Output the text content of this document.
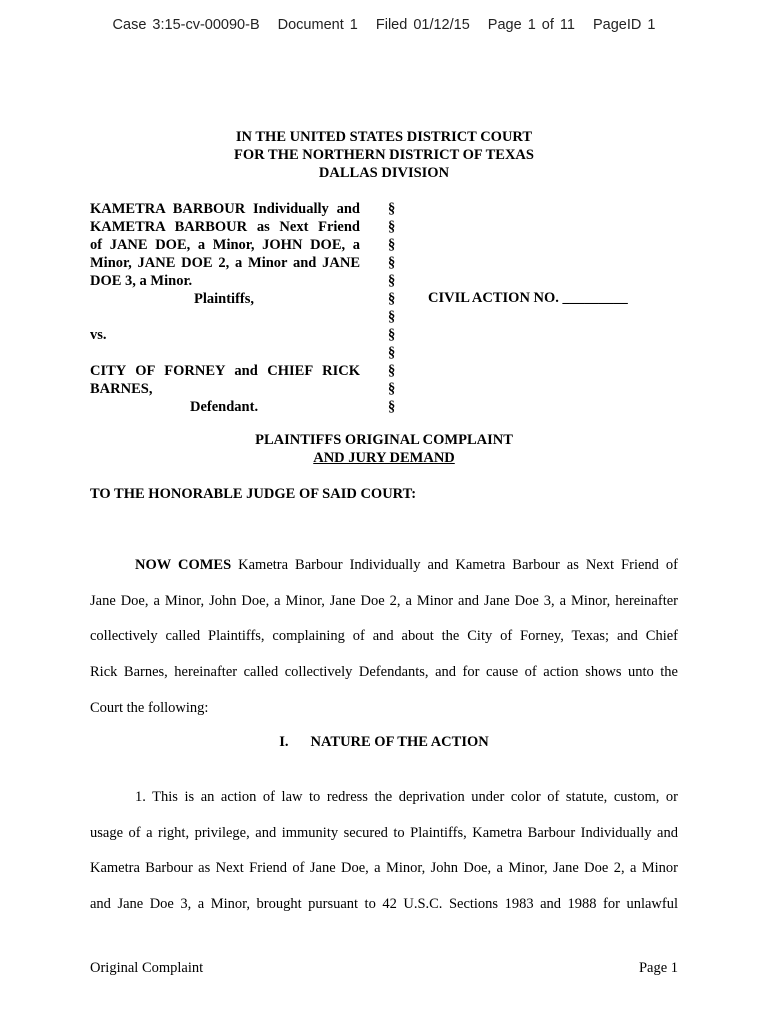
Case 3:15-cv-00090-B Document 1 Filed 01/12/15 Page 1 of 11 PageID 1
IN THE UNITED STATES DISTRICT COURT
FOR THE NORTHERN DISTRICT OF TEXAS
DALLAS DIVISION
KAMETRA BARBOUR Individually and
KAMETRA BARBOUR as Next Friend
of JANE DOE, a Minor, JOHN DOE, a
Minor, JANE DOE 2, a Minor and JANE
DOE 3, a Minor.
Plaintiffs,
vs.
CITY OF FORNEY and CHIEF RICK
BARNES,
Defendant.
§
§
§
§
§
§
§
§
§
§
§
§
CIVIL ACTION NO. _________
PLAINTIFFS ORIGINAL COMPLAINT
AND JURY DEMAND
TO THE HONORABLE JUDGE OF SAID COURT:
NOW COMES Kametra Barbour Individually and Kametra Barbour as Next Friend of
Jane Doe, a Minor, John Doe, a Minor, Jane Doe 2, a Minor and Jane Doe 3, a Minor, hereinafter
collectively called Plaintiffs, complaining of and about the City of Forney, Texas; and Chief
Rick Barnes, hereinafter called collectively Defendants, and for cause of action shows unto the
Court the following:
I. NATURE OF THE ACTION
1. This is an action of law to redress the deprivation under color of statute, custom, or
usage of a right, privilege, and immunity secured to Plaintiffs, Kametra Barbour Individually and
Kametra Barbour as Next Friend of Jane Doe, a Minor, John Doe, a Minor, Jane Doe 2, a Minor
and Jane Doe 3, a Minor, brought pursuant to 42 U.S.C. Sections 1983 and 1988 for unlawful
Original Complaint	Page 1
